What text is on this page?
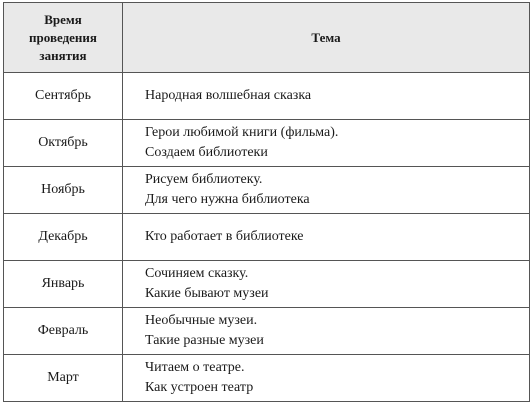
Время
проведения
занятия	Тема
Сентябрь	Народная волшебная сказка

Октябрь	Герои любимой книги (фильма).
Создаем библиотеки

Ноябрь	Рисуем библиотеку.
Для чего нужна библиотека

Декабрь	Кто работает в библиотеке

Январь	Сочиняем сказку.
Какие бывают музеи

Февраль	Необычные музеи.
Такие разные музеи

Март	Читаем о театре.
Как устроен театр
